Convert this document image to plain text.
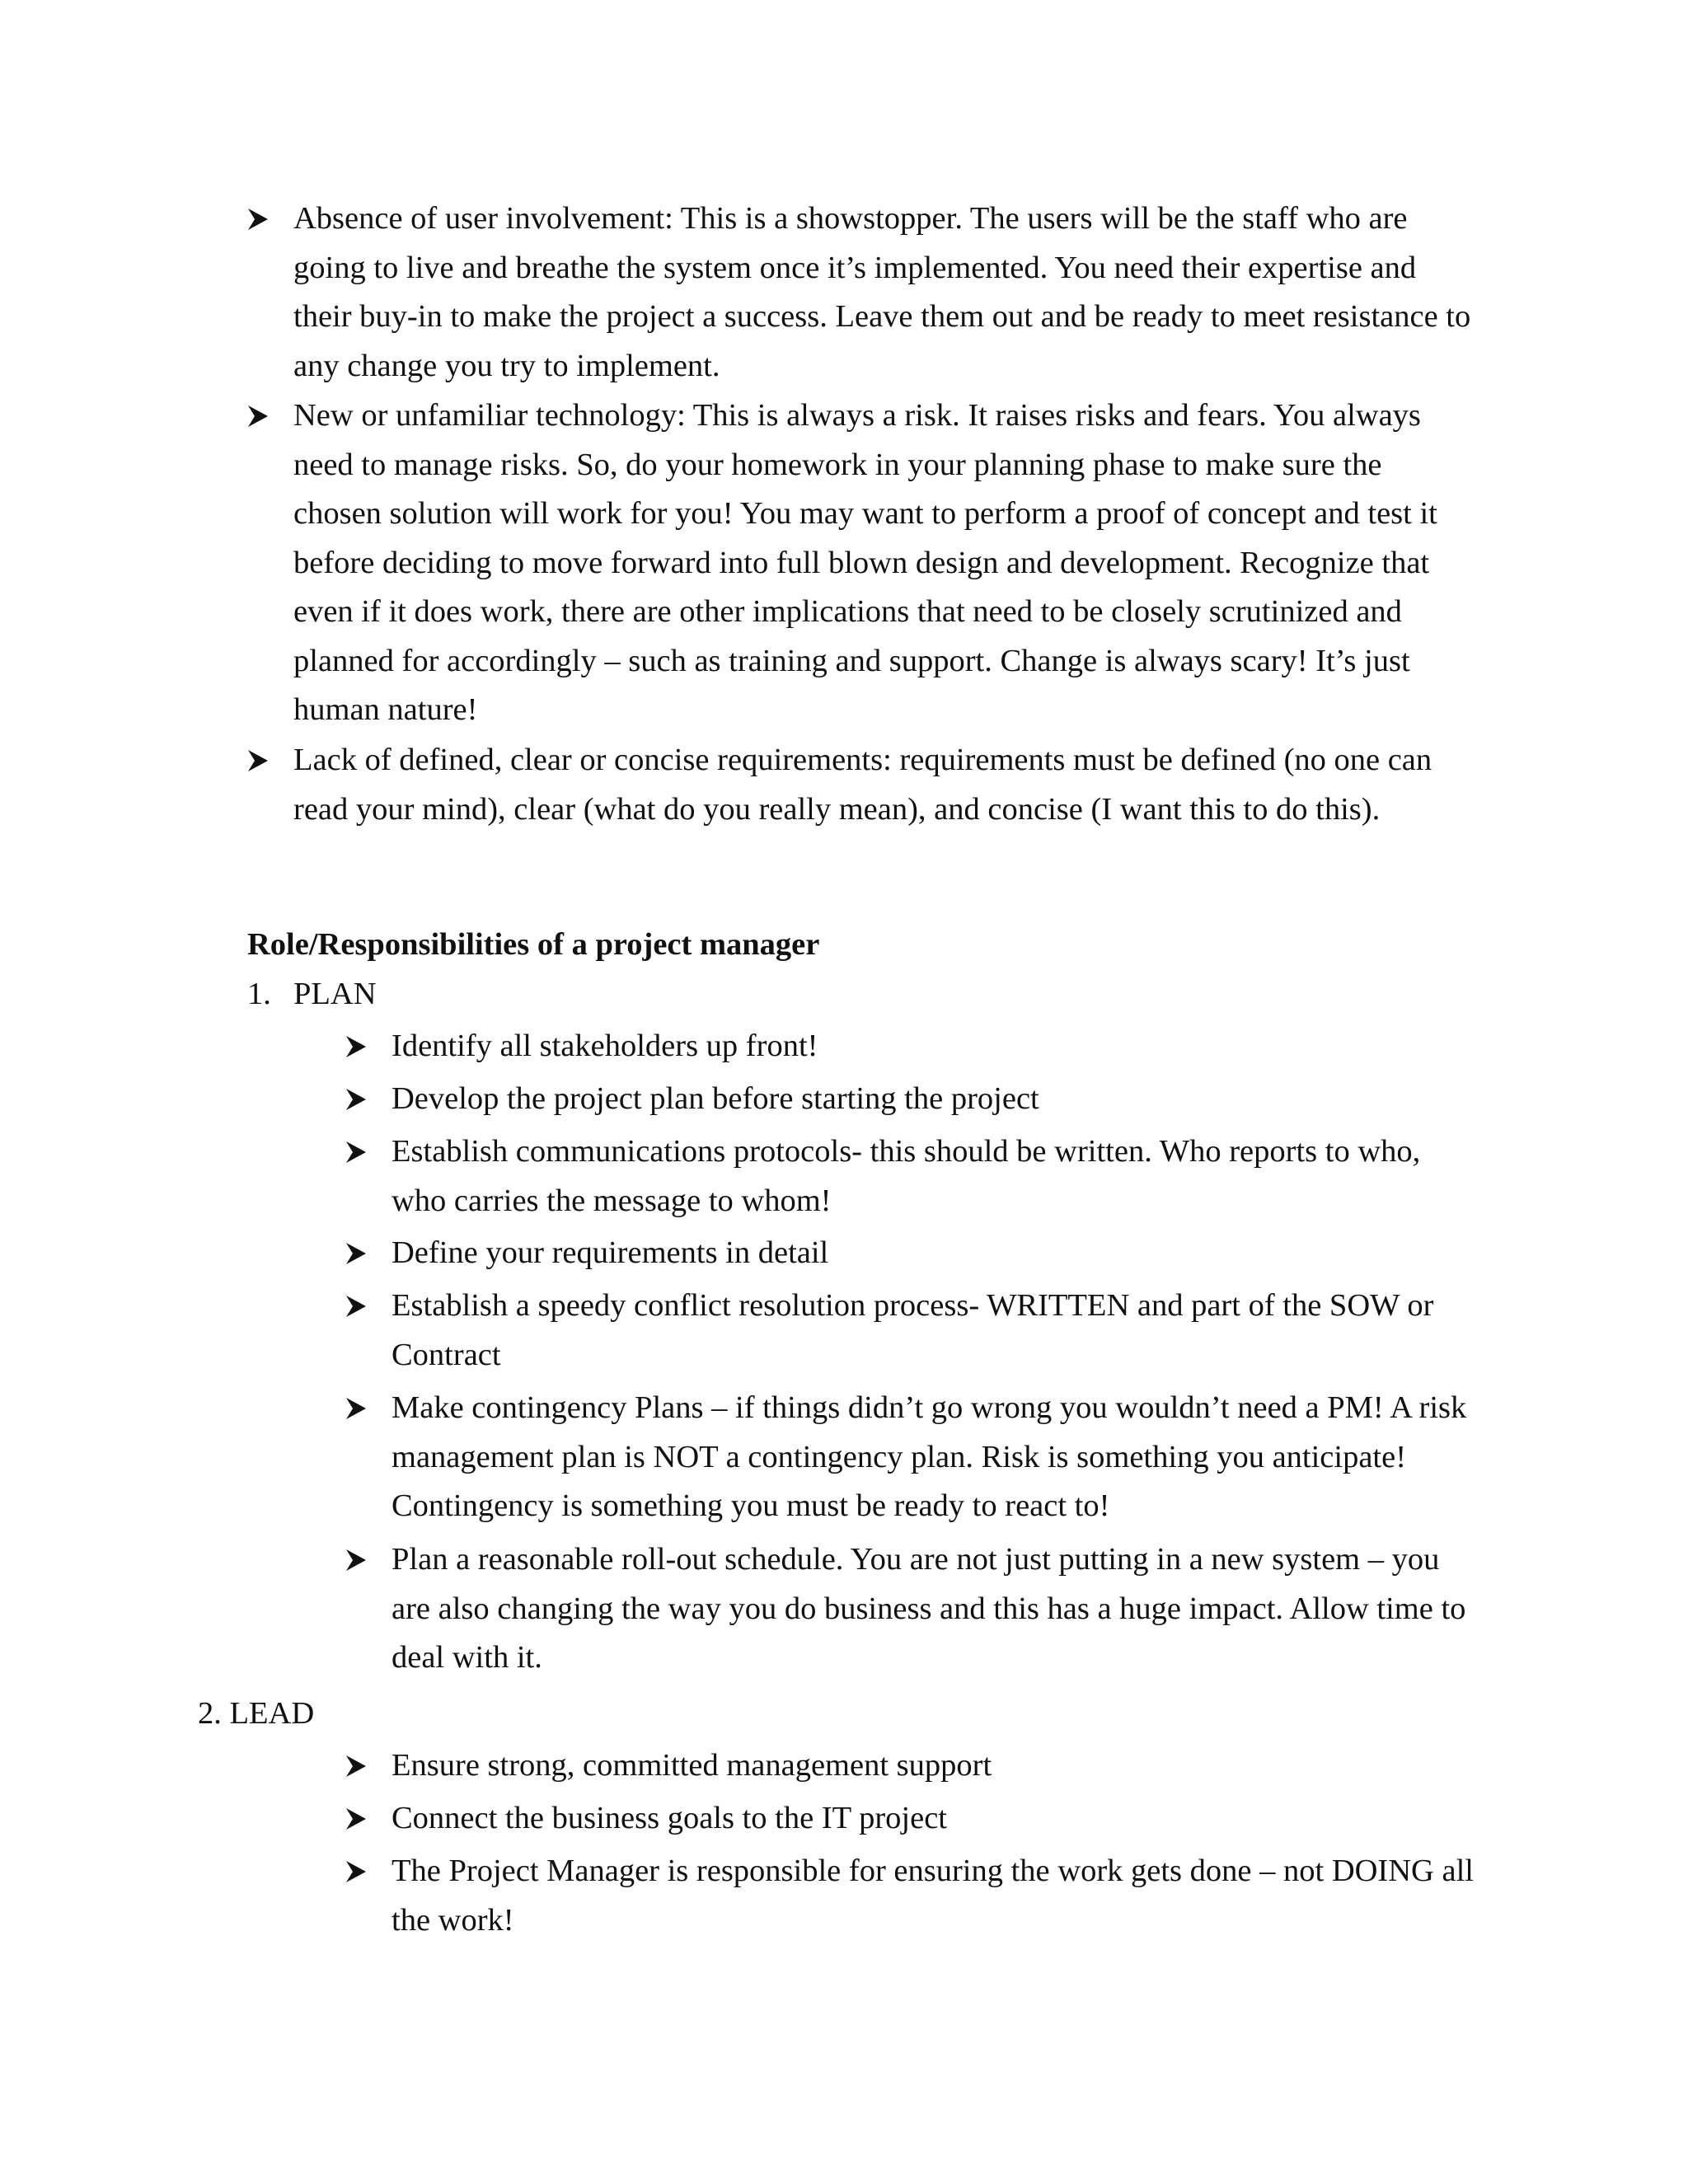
Absence of user involvement: This is a showstopper. The users will be the staff who are going to live and breathe the system once it’s implemented. You need their expertise and their buy-in to make the project a success. Leave them out and be ready to meet resistance to any change you try to implement.
New or unfamiliar technology: This is always a risk. It raises risks and fears. You always need to manage risks. So, do your homework in your planning phase to make sure the chosen solution will work for you! You may want to perform a proof of concept and test it before deciding to move forward into full blown design and development. Recognize that even if it does work, there are other implications that need to be closely scrutinized and planned for accordingly – such as training and support. Change is always scary! It’s just human nature!
Lack of defined, clear or concise requirements: requirements must be defined (no one can read your mind), clear (what do you really mean), and concise (I want this to do this).
Role/Responsibilities of a project manager
1. PLAN
Identify all stakeholders up front!
Develop the project plan before starting the project
Establish communications protocols- this should be written. Who reports to who, who carries the message to whom!
Define your requirements in detail
Establish a speedy conflict resolution process- WRITTEN and part of the SOW or Contract
Make contingency Plans – if things didn’t go wrong you wouldn’t need a PM! A risk management plan is NOT a contingency plan. Risk is something you anticipate! Contingency is something you must be ready to react to!
Plan a reasonable roll-out schedule. You are not just putting in a new system – you are also changing the way you do business and this has a huge impact. Allow time to deal with it.
2. LEAD
Ensure strong, committed management support
Connect the business goals to the IT project
The Project Manager is responsible for ensuring the work gets done – not DOING all the work!
